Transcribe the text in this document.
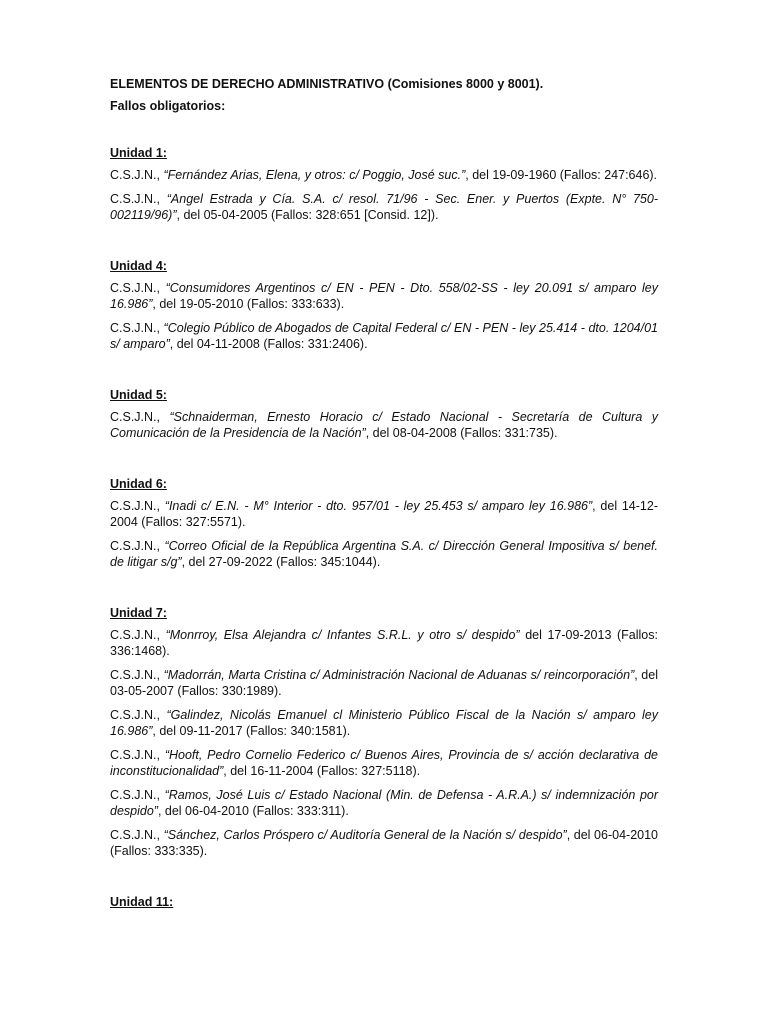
ELEMENTOS DE DERECHO ADMINISTRATIVO (Comisiones 8000 y 8001).

Fallos obligatorios:

Unidad 1:

C.S.J.N., “Fernández Arias, Elena, y otros: c/ Poggio, José suc.”, del 19-09-1960 (Fallos: 247:646).

C.S.J.N., “Angel Estrada y Cía. S.A. c/ resol. 71/96 - Sec. Ener. y Puertos (Expte. N° 750-002119/96)”, del 05-04-2005 (Fallos: 328:651 [Consid. 12]).

Unidad 4:

C.S.J.N., “Consumidores Argentinos c/ EN - PEN - Dto. 558/02-SS - ley 20.091 s/ amparo ley 16.986”, del 19-05-2010 (Fallos: 333:633).

C.S.J.N., “Colegio Público de Abogados de Capital Federal c/ EN - PEN - ley 25.414 - dto. 1204/01 s/ amparo”, del 04-11-2008 (Fallos: 331:2406).

Unidad 5:

C.S.J.N., “Schnaiderman, Ernesto Horacio c/ Estado Nacional - Secretaría de Cultura y Comunicación de la Presidencia de la Nación”, del 08-04-2008 (Fallos: 331:735).

Unidad 6:

C.S.J.N., “Inadi c/ E.N. - M° Interior - dto. 957/01 - ley 25.453 s/ amparo ley 16.986”, del 14-12-2004 (Fallos: 327:5571).

C.S.J.N., “Correo Oficial de la República Argentina S.A. c/ Dirección General Impositiva s/ benef. de litigar s/g”, del 27-09-2022 (Fallos: 345:1044).

Unidad 7:

C.S.J.N., “Monrroy, Elsa Alejandra c/ Infantes S.R.L. y otro s/ despido” del 17-09-2013 (Fallos: 336:1468).

C.S.J.N., “Madorrán, Marta Cristina c/ Administración Nacional de Aduanas s/ reincorporación”, del 03-05-2007 (Fallos: 330:1989).

C.S.J.N., “Galindez, Nicolás Emanuel cl Ministerio Público Fiscal de la Nación s/ amparo ley 16.986”, del 09-11-2017 (Fallos: 340:1581).

C.S.J.N., “Hooft, Pedro Cornelio Federico c/ Buenos Aires, Provincia de s/ acción declarativa de inconstitucionalidad”, del 16-11-2004 (Fallos: 327:5118).

C.S.J.N., “Ramos, José Luis c/ Estado Nacional (Min. de Defensa - A.R.A.) s/ indemnización por despido”, del 06-04-2010 (Fallos: 333:311).

C.S.J.N., “Sánchez, Carlos Próspero c/ Auditoría General de la Nación s/ despido”, del 06-04-2010 (Fallos: 333:335).

Unidad 11:
